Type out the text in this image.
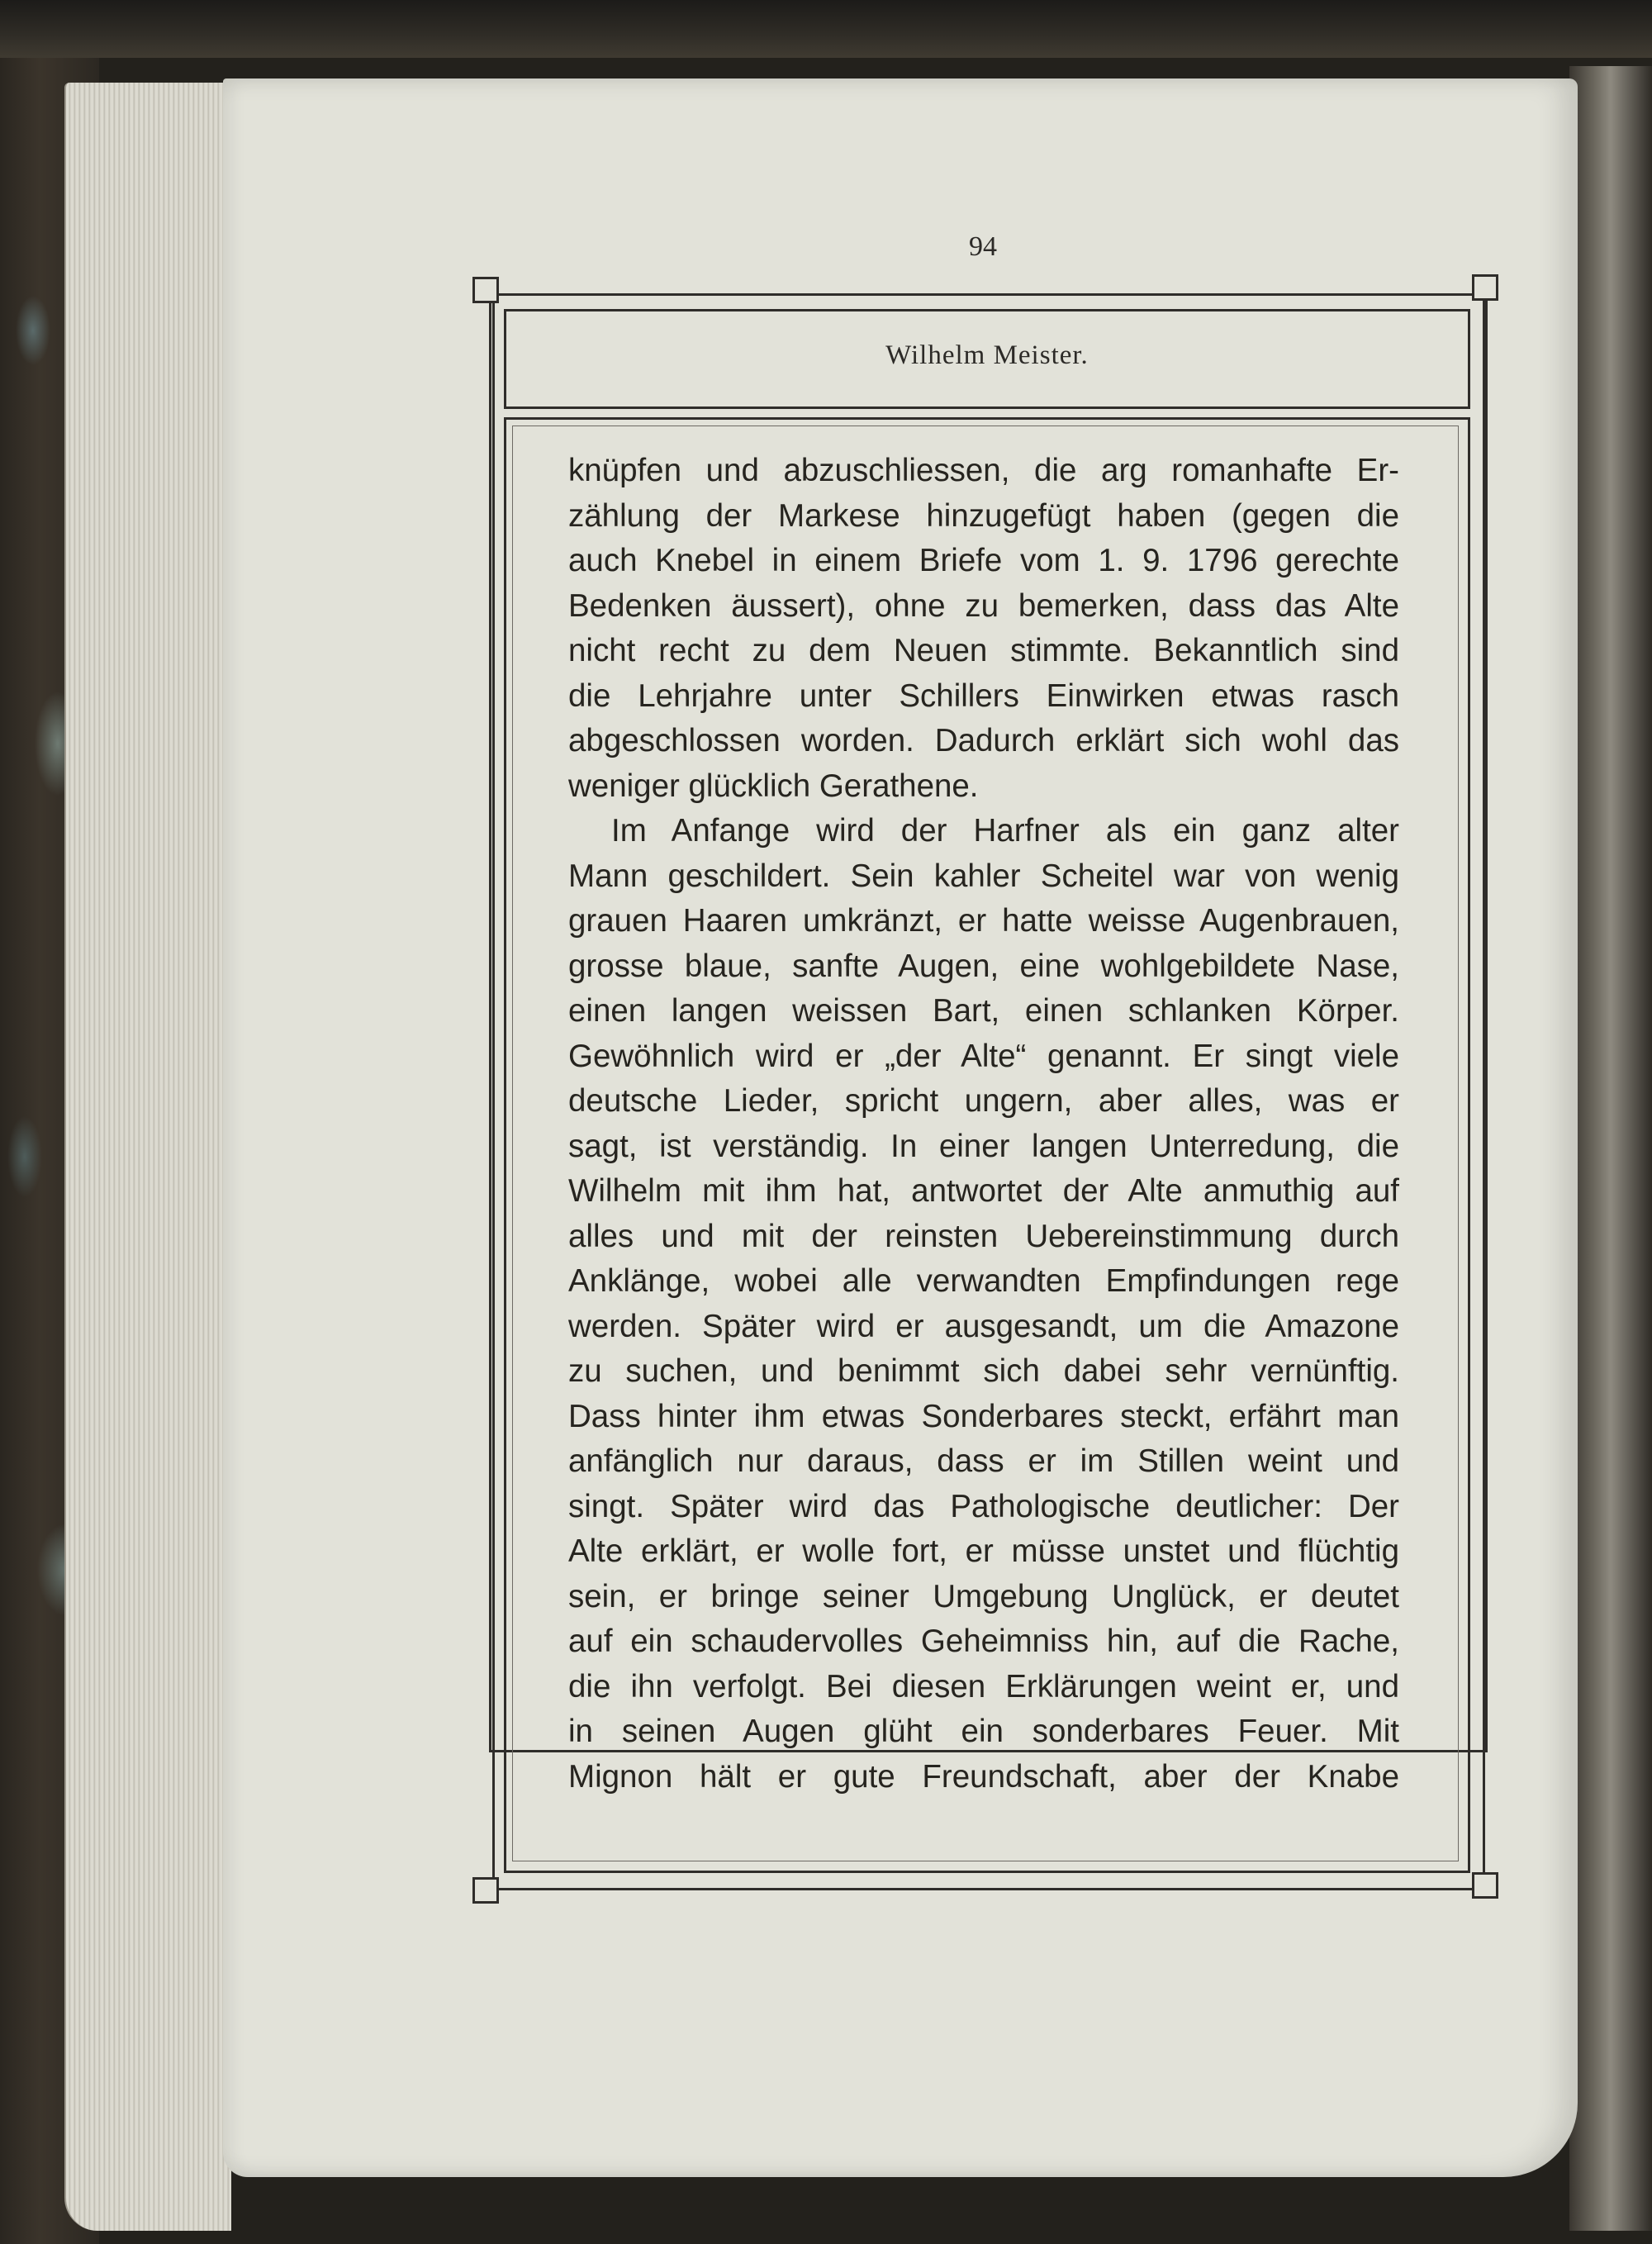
94
Wilhelm Meister.
knüpfen und abzuschliessen, die arg romanhafte Er-
zählung der Markese hinzugefügt haben (gegen die
auch Knebel in einem Briefe vom 1. 9. 1796 gerechte
Bedenken äussert), ohne zu bemerken, dass das Alte
nicht recht zu dem Neuen stimmte. Bekanntlich sind
die Lehrjahre unter Schillers Einwirken etwas rasch
abgeschlossen worden. Dadurch erklärt sich wohl das
weniger glücklich Gerathene.
Im Anfange wird der Harfner als ein ganz alter
Mann geschildert. Sein kahler Scheitel war von wenig
grauen Haaren umkränzt, er hatte weisse Augenbrauen,
grosse blaue, sanfte Augen, eine wohlgebildete Nase,
einen langen weissen Bart, einen schlanken Körper.
Gewöhnlich wird er „der Alte“ genannt. Er singt viele
deutsche Lieder, spricht ungern, aber alles, was er
sagt, ist verständig. In einer langen Unterredung, die
Wilhelm mit ihm hat, antwortet der Alte anmuthig auf
alles und mit der reinsten Uebereinstimmung durch
Anklänge, wobei alle verwandten Empfindungen rege
werden. Später wird er ausgesandt, um die Amazone
zu suchen, und benimmt sich dabei sehr vernünftig.
Dass hinter ihm etwas Sonderbares steckt, erfährt man
anfänglich nur daraus, dass er im Stillen weint und
singt. Später wird das Pathologische deutlicher: Der
Alte erklärt, er wolle fort, er müsse unstet und flüchtig
sein, er bringe seiner Umgebung Unglück, er deutet
auf ein schaudervolles Geheimniss hin, auf die Rache,
die ihn verfolgt. Bei diesen Erklärungen weint er, und
in seinen Augen glüht ein sonderbares Feuer. Mit
Mignon hält er gute Freundschaft, aber der Knabe
